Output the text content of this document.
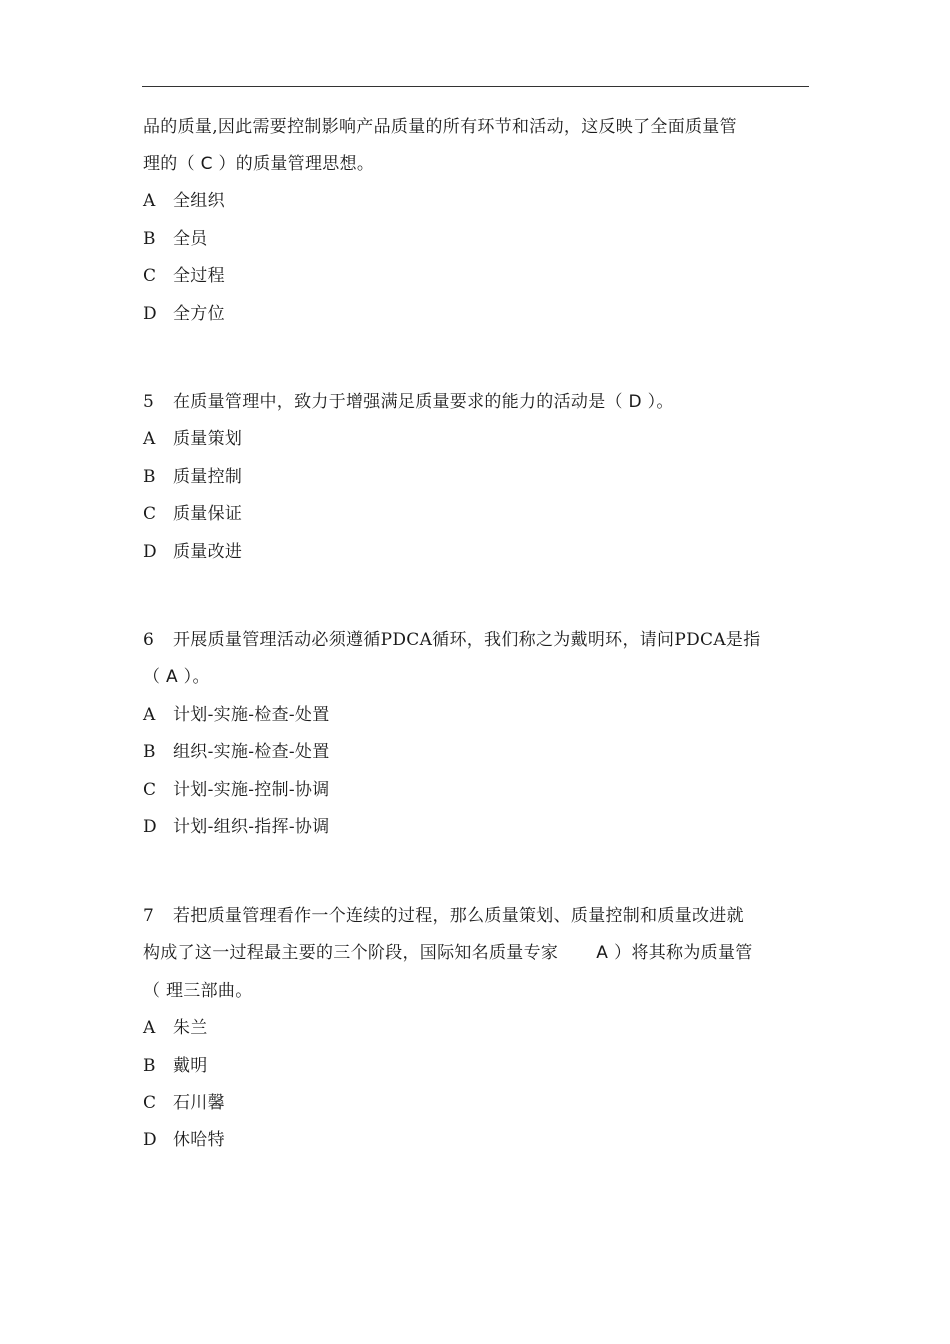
品的质量,因此需要控制影响产品质量的所有环节和活动，这反映了全面质量管
理的（ C ）的质量管理思想。
A 全组织
B 全员
C 全过程
D 全方位
5 在质量管理中，致力于增强满足质量要求的能力的活动是（ D ）。
A 质量策划
B 质量控制
C 质量保证
D 质量改进
6 开展质量管理活动必须遵循PDCA循环，我们称之为戴明环，请问PDCA是指
（ A ）。
A 计划-实施-检查-处置
B 组织-实施-检查-处置
C 计划-实施-控制-协调
D 计划-组织-指挥-协调
7 若把质量管理看作一个连续的过程，那么质量策划、质量控制和质量改进就
构成了这一过程最主要的三个阶段，国际知名质量专家 A ）将其称为质量管
（ 理三部曲。
A 朱兰
B 戴明
C 石川馨
D 休哈特
